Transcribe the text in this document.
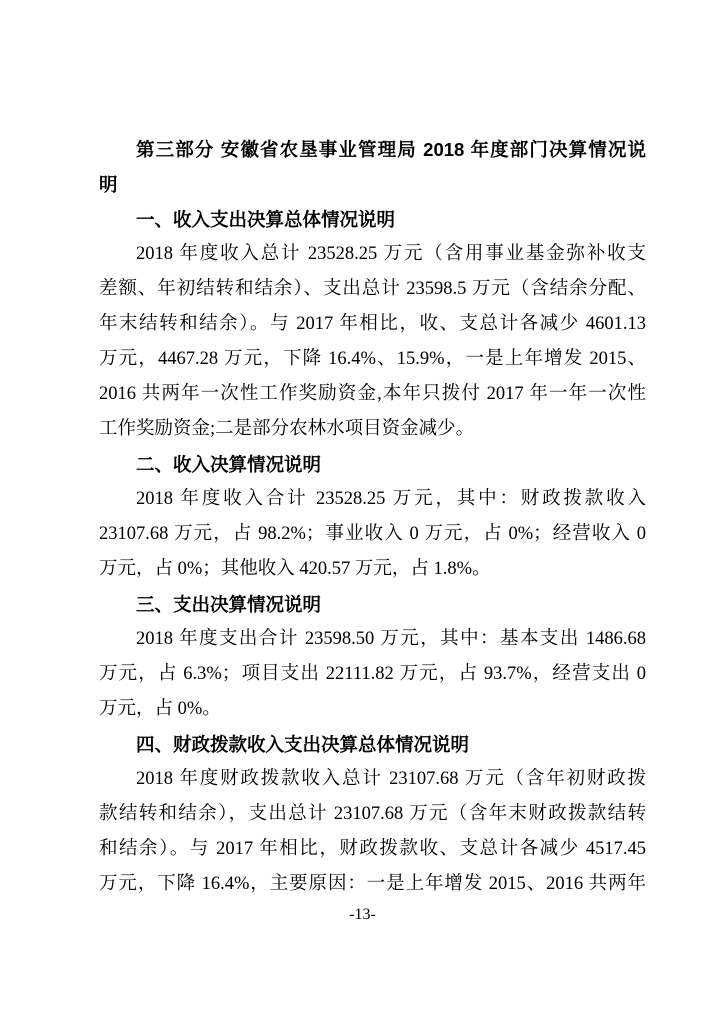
第三部分 安徽省农垦事业管理局 2018 年度部门决算情况说
明
一、收入支出决算总体情况说明
2018 年度收入总计 23528.25 万元（含用事业基金弥补收支
差额、年初结转和结余）、支出总计 23598.5 万元（含结余分配、
年末结转和结余）。与 2017 年相比，收、支总计各减少 4601.13
万元，4467.28 万元，下降 16.4%、15.9%，一是上年增发 2015、
2016 共两年一次性工作奖励资金,本年只拨付 2017 年一年一次性
工作奖励资金;二是部分农林水项目资金减少。
二、收入决算情况说明
2018 年度收入合计 23528.25 万元，其中：财政拨款收入
23107.68 万元，占 98.2%；事业收入 0 万元，占 0%；经营收入 0
万元，占 0%；其他收入 420.57 万元，占 1.8%。
三、支出决算情况说明
2018 年度支出合计 23598.50 万元，其中：基本支出 1486.68
万元，占 6.3%；项目支出 22111.82 万元，占 93.7%，经营支出 0
万元，占 0%。
四、财政拨款收入支出决算总体情况说明
2018 年度财政拨款收入总计 23107.68 万元（含年初财政拨
款结转和结余），支出总计 23107.68 万元（含年末财政拨款结转
和结余）。与 2017 年相比，财政拨款收、支总计各减少 4517.45
万元，下降 16.4%，主要原因：一是上年增发 2015、2016 共两年
-13-
